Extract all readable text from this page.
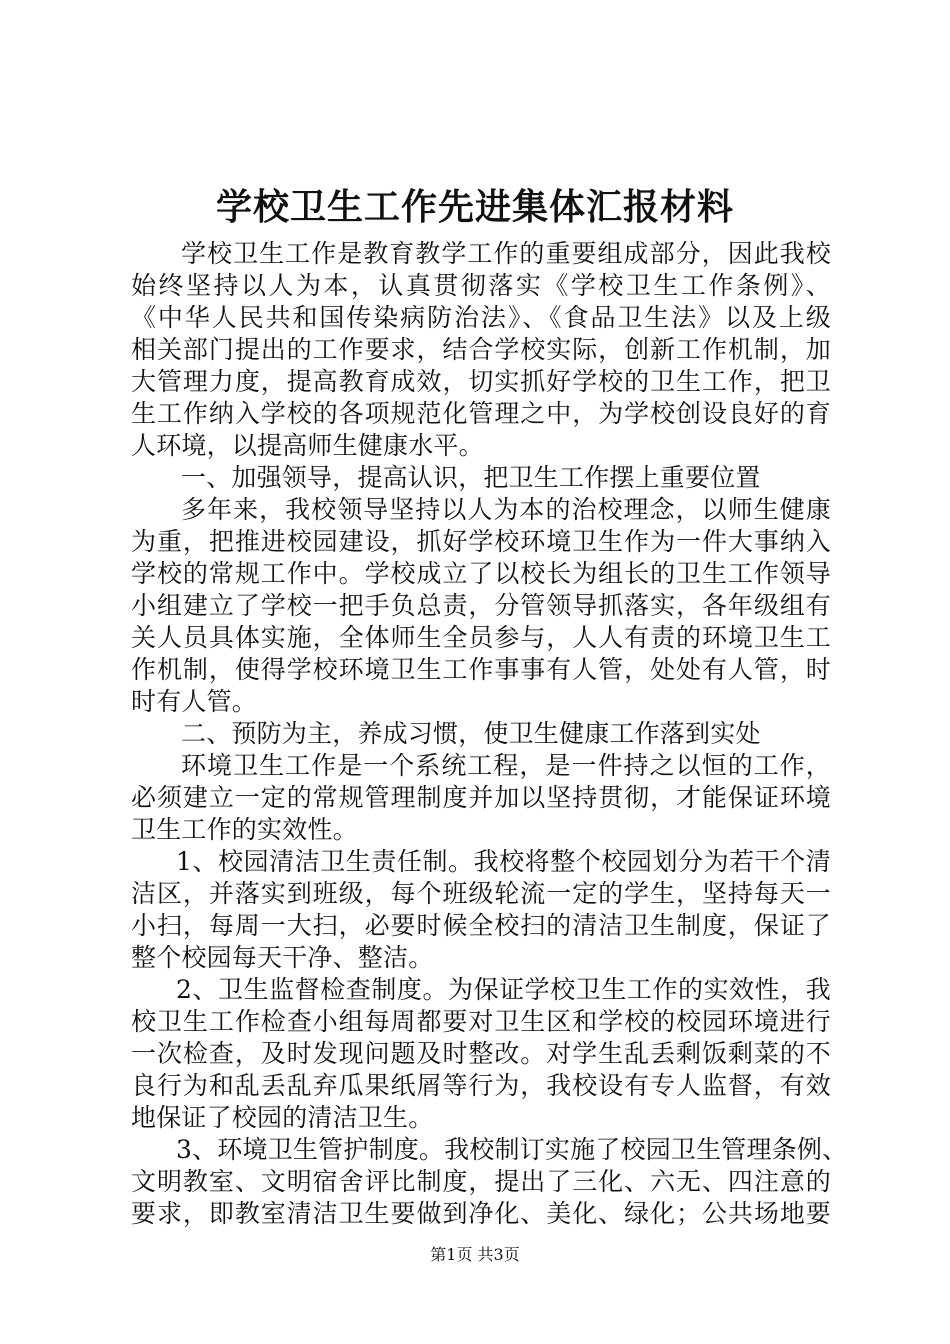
学校卫生工作先进集体汇报材料
学校卫生工作是教育教学工作的重要组成部分，因此我校
始终坚持以人为本，认真贯彻落实《学校卫生工作条例》、
《中华人民共和国传染病防治法》、《食品卫生法》以及上级
相关部门提出的工作要求，结合学校实际，创新工作机制，加
大管理力度，提高教育成效，切实抓好学校的卫生工作，把卫
生工作纳入学校的各项规范化管理之中，为学校创设良好的育
人环境，以提高师生健康水平。
一、加强领导，提高认识，把卫生工作摆上重要位置
多年来，我校领导坚持以人为本的治校理念，以师生健康
为重，把推进校园建设，抓好学校环境卫生作为一件大事纳入
学校的常规工作中。学校成立了以校长为组长的卫生工作领导
小组建立了学校一把手负总责，分管领导抓落实，各年级组有
关人员具体实施，全体师生全员参与，人人有责的环境卫生工
作机制，使得学校环境卫生工作事事有人管，处处有人管，时
时有人管。
二、预防为主，养成习惯，使卫生健康工作落到实处
环境卫生工作是一个系统工程，是一件持之以恒的工作，
必须建立一定的常规管理制度并加以坚持贯彻，才能保证环境
卫生工作的实效性。
1、校园清洁卫生责任制。我校将整个校园划分为若干个清
洁区，并落实到班级，每个班级轮流一定的学生，坚持每天一
小扫，每周一大扫，必要时候全校扫的清洁卫生制度，保证了
整个校园每天干净、整洁。
2、卫生监督检查制度。为保证学校卫生工作的实效性，我
校卫生工作检查小组每周都要对卫生区和学校的校园环境进行
一次检查，及时发现问题及时整改。对学生乱丢剩饭剩菜的不
良行为和乱丢乱弃瓜果纸屑等行为，我校设有专人监督，有效
地保证了校园的清洁卫生。
3、环境卫生管护制度。我校制订实施了校园卫生管理条例、
文明教室、文明宿舍评比制度，提出了三化、六无、四注意的
要求，即教室清洁卫生要做到净化、美化、绿化；公共场地要
第1页 共3页
